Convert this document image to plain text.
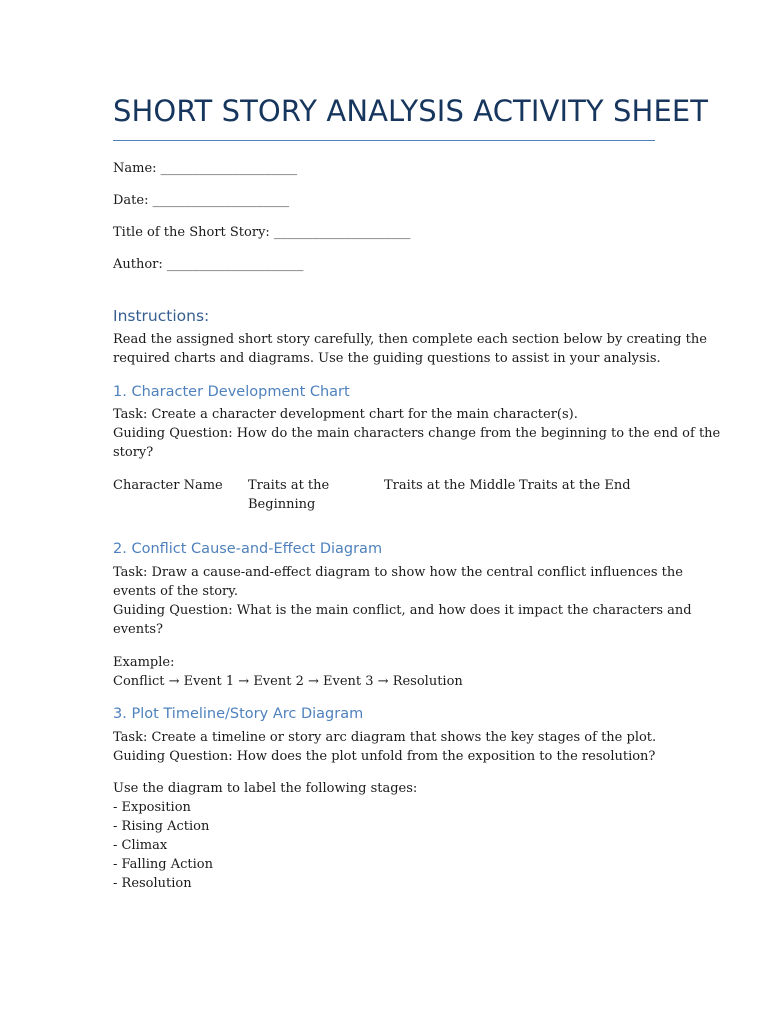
SHORT STORY ANALYSIS ACTIVITY SHEET

Name: _____________________

Date: _____________________

Title of the Short Story: _____________________

Author: _____________________

Instructions:

Read the assigned short story carefully, then complete each section below by creating the

required charts and diagrams. Use the guiding questions to assist in your analysis.

1. Character Development Chart

Task: Create a character development chart for the main character(s).

Guiding Question: How do the main characters change from the beginning to the end of the

story?

Character Name Traits at the
Beginning

Traits at the Middle Traits at the End

2. Conflict Cause-and-Effect Diagram

Task: Draw a cause-and-effect diagram to show how the central conflict influences the

events of the story.

Guiding Question: What is the main conflict, and how does it impact the characters and

events?

Example:

Conflict → Event 1 → Event 2 → Event 3 → Resolution

3. Plot Timeline/Story Arc Diagram

Task: Create a timeline or story arc diagram that shows the key stages of the plot.

Guiding Question: How does the plot unfold from the exposition to the resolution?

Use the diagram to label the following stages:

- Exposition

- Rising Action

- Climax

- Falling Action

- Resolution
